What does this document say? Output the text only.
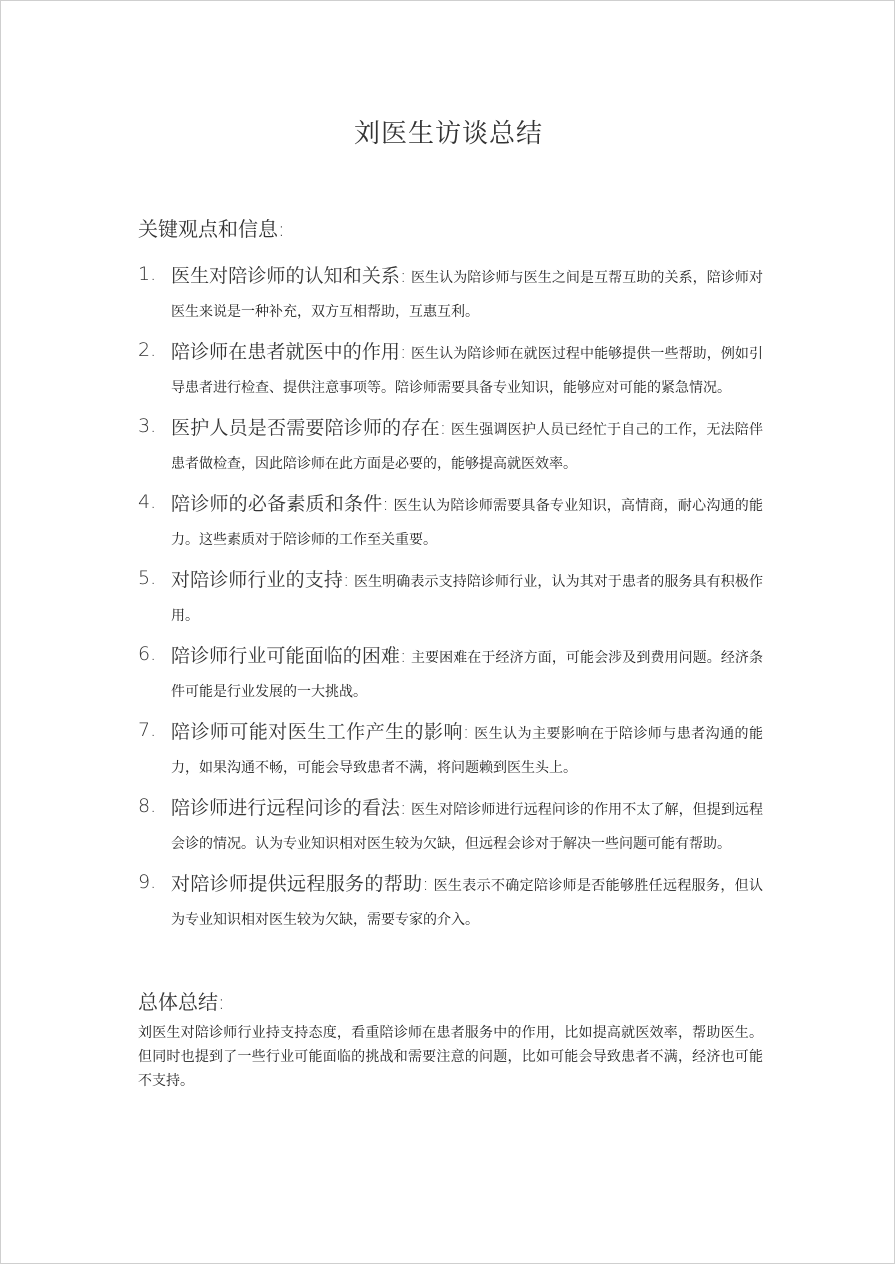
刘医生访谈总结
关键观点和信息:
1. 医生对陪诊师的认知和关系: 医生认为陪诊师与医生之间是互帮互助的关系，陪诊师对医生来说是一种补充，双方互相帮助，互惠互利。
2. 陪诊师在患者就医中的作用: 医生认为陪诊师在就医过程中能够提供一些帮助，例如引导患者进行检查、提供注意事项等。陪诊师需要具备专业知识，能够应对可能的紧急情况。
3. 医护人员是否需要陪诊师的存在: 医生强调医护人员已经忙于自己的工作，无法陪伴患者做检查，因此陪诊师在此方面是必要的，能够提高就医效率。
4. 陪诊师的必备素质和条件: 医生认为陪诊师需要具备专业知识，高情商，耐心沟通的能力。这些素质对于陪诊师的工作至关重要。
5. 对陪诊师行业的支持: 医生明确表示支持陪诊师行业，认为其对于患者的服务具有积极作用。
6. 陪诊师行业可能面临的困难: 主要困难在于经济方面，可能会涉及到费用问题。经济条件可能是行业发展的一大挑战。
7. 陪诊师可能对医生工作产生的影响: 医生认为主要影响在于陪诊师与患者沟通的能力，如果沟通不畅，可能会导致患者不满，将问题赖到医生头上。
8. 陪诊师进行远程问诊的看法: 医生对陪诊师进行远程问诊的作用不太了解，但提到远程会诊的情况。认为专业知识相对医生较为欠缺，但远程会诊对于解决一些问题可能有帮助。
9. 对陪诊师提供远程服务的帮助: 医生表示不确定陪诊师是否能够胜任远程服务，但认为专业知识相对医生较为欠缺，需要专家的介入。
总体总结:

刘医生对陪诊师行业持支持态度，看重陪诊师在患者服务中的作用，比如提高就医效率，帮助医生。但同时也提到了一些行业可能面临的挑战和需要注意的问题，比如可能会导致患者不满，经济也可能不支持。
